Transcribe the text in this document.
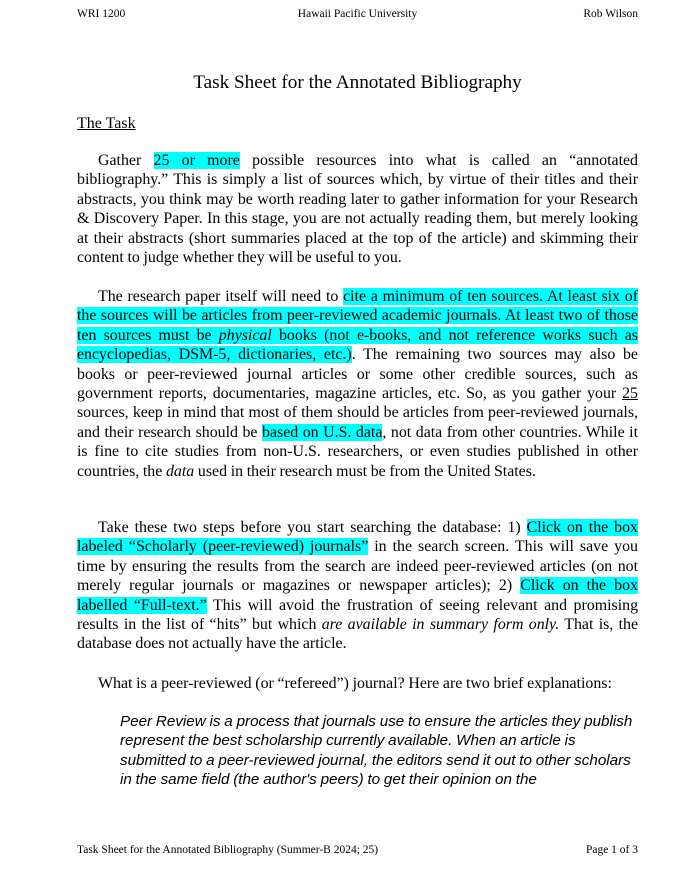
WRI 1200	Hawaii Pacific University	Rob Wilson
Task Sheet for the Annotated Bibliography
The Task

Gather 25 or more possible resources into what is called an “annotated bibliography.” This is simply a list of sources which, by virtue of their titles and their abstracts, you think may be worth reading later to gather information for your Research & Discovery Paper. In this stage, you are not actually reading them, but merely looking at their abstracts (short summaries placed at the top of the article) and skimming their content to judge whether they will be useful to you.

The research paper itself will need to cite a minimum of ten sources. At least six of the sources will be articles from peer-reviewed academic journals. At least two of those ten sources must be physical books (not e-books, and not reference works such as encyclopedias, DSM-5, dictionaries, etc.). The remaining two sources may also be books or peer-reviewed journal articles or some other credible sources, such as government reports, documentaries, magazine articles, etc. So, as you gather your 25 sources, keep in mind that most of them should be articles from peer-reviewed journals, and their research should be based on U.S. data, not data from other countries. While it is fine to cite studies from non-U.S. researchers, or even studies published in other countries, the data used in their research must be from the United States.

Take these two steps before you start searching the database: 1) Click on the box labeled “Scholarly (peer-reviewed) journals” in the search screen. This will save you time by ensuring the results from the search are indeed peer-reviewed articles (on not merely regular journals or magazines or newspaper articles); 2) Click on the box labelled “Full-text.” This will avoid the frustration of seeing relevant and promising results in the list of “hits” but which are available in summary form only. That is, the database does not actually have the article.

What is a peer-reviewed (or “refereed”) journal? Here are two brief explanations:

Peer Review is a process that journals use to ensure the articles they publish represent the best scholarship currently available. When an article is submitted to a peer-reviewed journal, the editors send it out to other scholars in the same field (the author's peers) to get their opinion on the

Task Sheet for the Annotated Bibliography (Summer-B 2024; 25)	Page 1 of 3
